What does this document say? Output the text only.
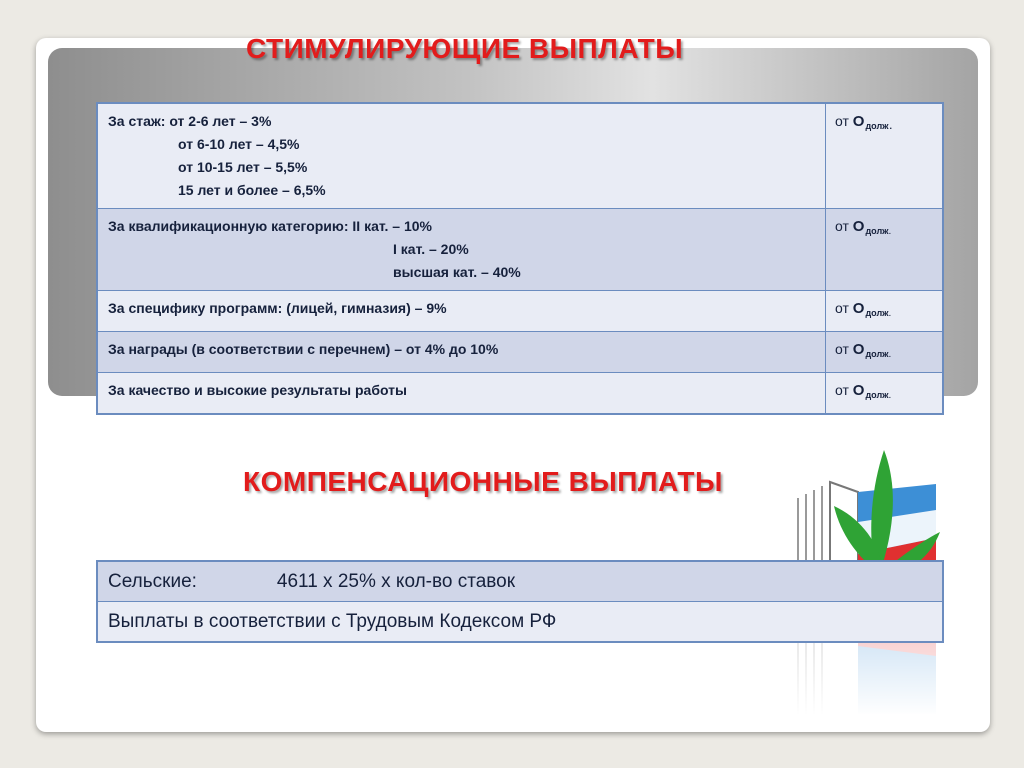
СТИМУЛИРУЮЩИЕ ВЫПЛАТЫ
За стаж: от 2-6 лет – 3%
от 6-10 лет – 4,5%
от 10-15 лет – 5,5%
15 лет и более – 6,5%	от $О_{долж.}$

За квалификационную категорию: II кат. – 10%
I кат. – 20%
высшая кат. – 40%	от $О_{долж.}$

За специфику программ: (лицей, гимназия) – 9%	от $О_{долж.}$

За награды (в соответствии с перечнем) – от 4% до 10%	от $О_{долж.}$

За качество и высокие результаты работы	от $О_{долж.}$
КОМПЕНСАЦИОННЫЕ ВЫПЛАТЫ
Сельские:	4611 х 25% х кол-во ставок
Выплаты в соответствии с Трудовым Кодексом РФ
